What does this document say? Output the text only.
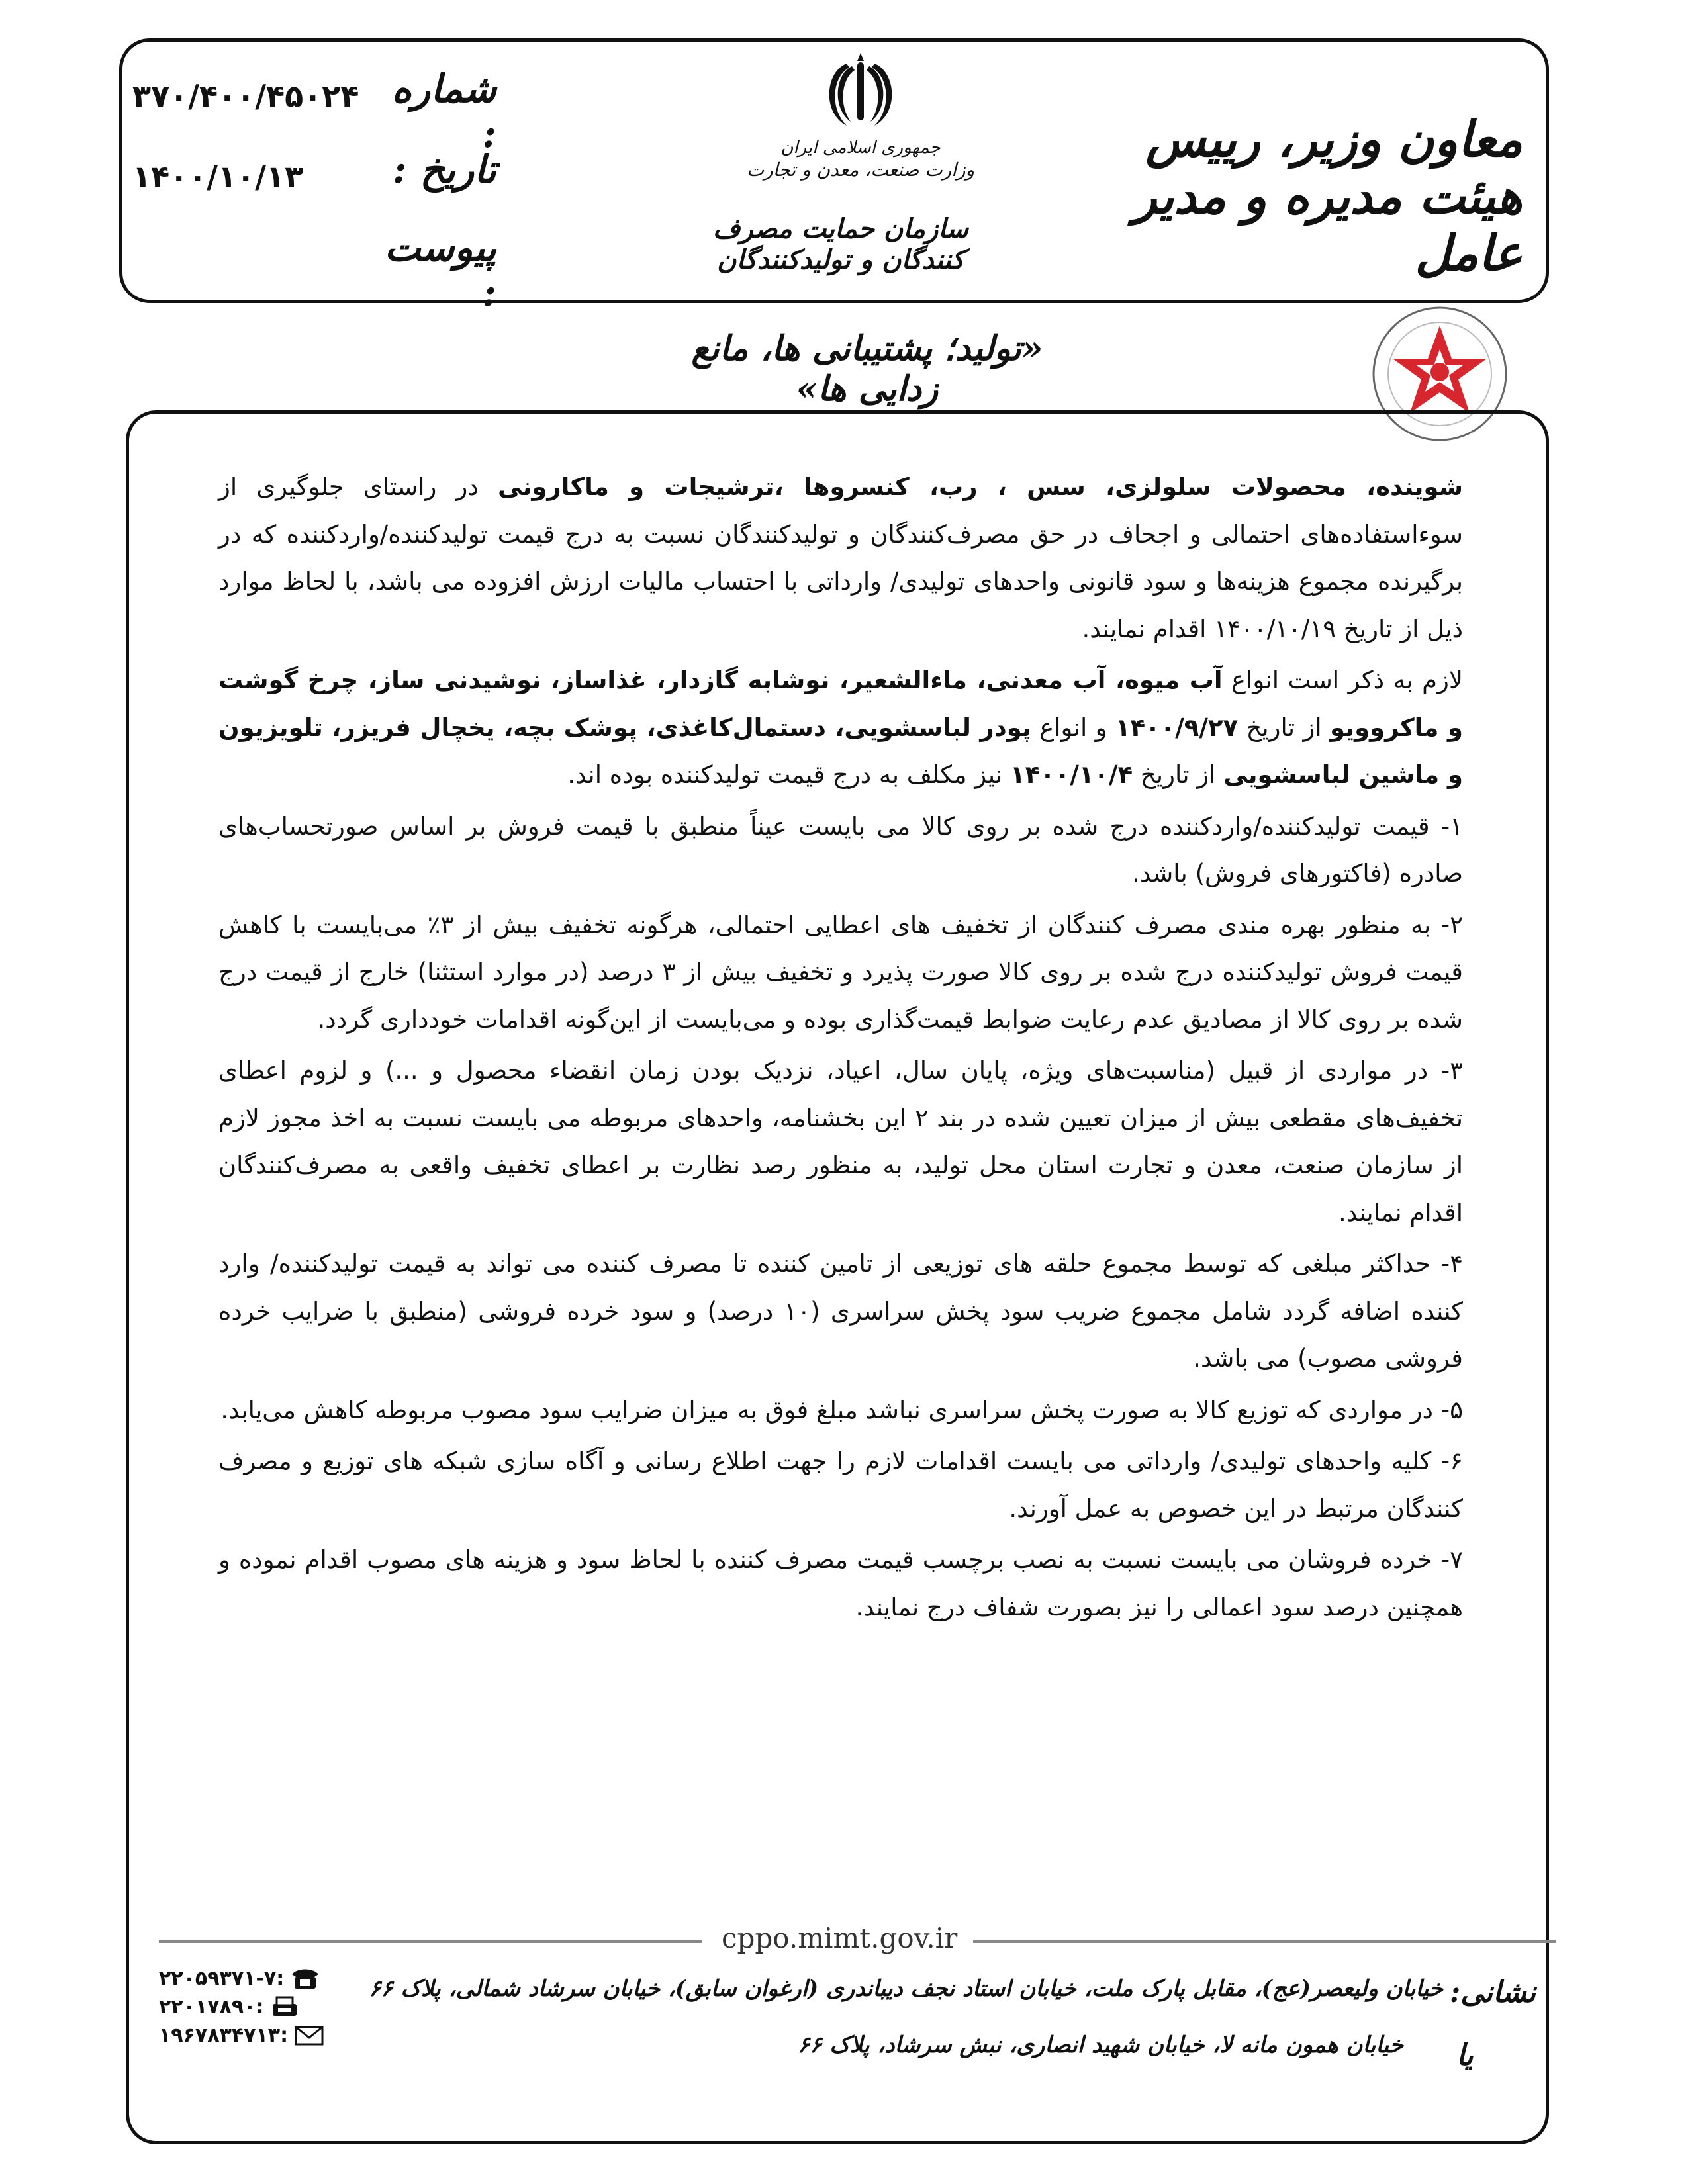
۳۷۰/۴۰۰/۴۵۰۲۴ شماره :
۱۴۰۰/۱۰/۱۳	تاریخ :
پیوست :
جمهوری اسلامی ایران
وزارت صنعت، معدن و تجارت
سازمان حمایت مصرف کنندگان و تولیدکنندگان
معاون وزیر، رییس هیئت مدیره و مدیر عامل
«تولید؛ پشتیبانی ها، مانع زدایی ها»

شوینده، محصولات سلولزی، سس ، رب، کنسروها ،ترشیجات و ماکارونی در راستای جلوگیری از سوءاستفاده‌های احتمالی و اجحاف در حق مصرف‌کنندگان و تولیدکنندگان نسبت به درج قیمت تولیدکننده/واردکننده که در برگیرنده مجموع هزینه‌ها و سود قانونی واحدهای تولیدی/ وارداتی با احتساب مالیات ارزش افزوده می باشد، با لحاظ موارد ذیل از تاریخ ۱۴۰۰/۱۰/۱۹ اقدام نمایند.

لازم به ذکر است انواع آب میوه، آب معدنی، ماءالشعیر، نوشابه گازدار، غذاساز، نوشیدنی ساز، چرخ گوشت و ماکروویو از تاریخ ۱۴۰۰/۹/۲۷ و انواع پودر لباسشویی، دستمال‌کاغذی، پوشک بچه، یخچال فریزر، تلویزیون و ماشین لباسشویی از تاریخ ۱۴۰۰/۱۰/۴ نیز مکلف به درج قیمت تولیدکننده بوده اند.

۱- قیمت تولیدکننده/واردکننده درج شده بر روی کالا می بایست عیناً منطبق با قیمت فروش بر اساس صورتحساب‌های صادره (فاکتورهای فروش) باشد.

۲- به منظور بهره مندی مصرف کنندگان از تخفیف های اعطایی احتمالی، هرگونه تخفیف بیش از ۳٪ می‌بایست با کاهش قیمت فروش تولیدکننده درج شده بر روی کالا صورت پذیرد و تخفیف بیش از ۳ درصد (در موارد استثنا) خارج از قیمت درج شده بر روی کالا از مصادیق عدم رعایت ضوابط قیمت‌گذاری بوده و می‌بایست از این‌گونه اقدامات خودداری گردد.

۳- در مواردی از قبیل (مناسبت‌های ویژه، پایان سال، اعیاد، نزدیک بودن زمان انقضاء محصول و ...) و لزوم اعطای تخفیف‌های مقطعی بیش از میزان تعیین شده در بند ۲ این بخشنامه، واحدهای مربوطه می بایست نسبت به اخذ مجوز لازم از سازمان صنعت، معدن و تجارت استان محل تولید، به منظور رصد نظارت بر اعطای تخفیف واقعی به مصرف‌کنندگان اقدام نمایند.

۴- حداکثر مبلغی که توسط مجموع حلقه های توزیعی از تامین کننده تا مصرف کننده می تواند به قیمت تولیدکننده/ وارد کننده اضافه گردد شامل مجموع ضریب سود پخش سراسری (۱۰ درصد) و سود خرده فروشی (منطبق با ضرایب خرده فروشی مصوب) می باشد.

۵- در مواردی که توزیع کالا به صورت پخش سراسری نباشد مبلغ فوق به میزان ضرایب سود مصوب مربوطه کاهش می‌یابد.

۶- کلیه واحدهای تولیدی/ وارداتی می بایست اقدامات لازم را جهت اطلاع رسانی و آگاه سازی شبکه های توزیع و مصرف کنندگان مرتبط در این خصوص به عمل آورند.

۷- خرده فروشان می بایست نسبت به نصب برچسب قیمت مصرف کننده با لحاظ سود و هزینه های مصوب اقدام نموده و همچنین درصد سود اعمالی را نیز بصورت شفاف درج نمایند.

cppo.mimt.gov.ir
نشانی:
خیابان ولیعصر(عج)، مقابل پارک ملت، خیابان استاد نجف دیباندری (ارغوان سابق)، خیابان سرشاد شمالی، پلاک ۶۶
یا
خیابان همون مانه لا، خیابان شهید انصاری، نبش سرشاد، پلاک ۶۶
۲۲۰۵۹۳۷۱-۷:
۲۲۰۱۷۸۹۰:
۱۹۶۷۸۳۴۷۱۳:
